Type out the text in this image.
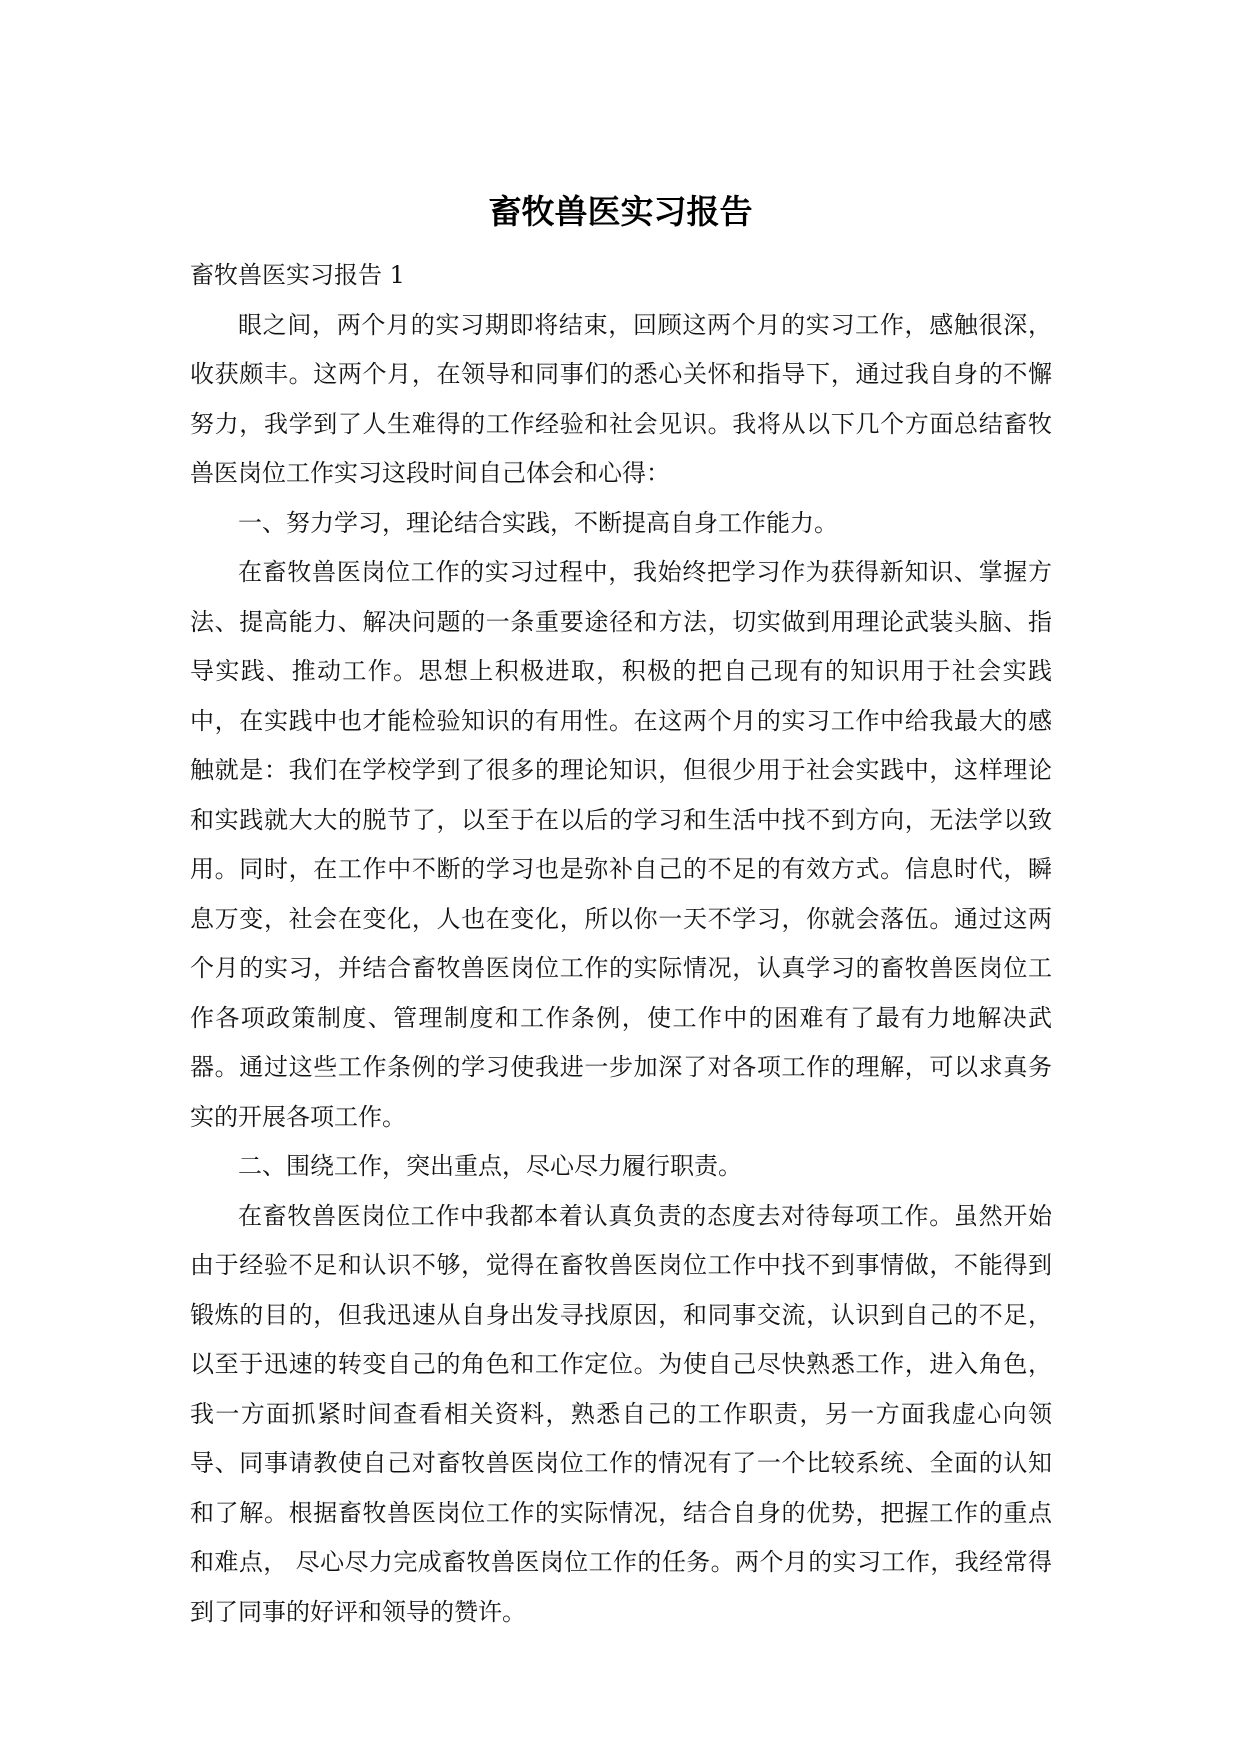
畜牧兽医实习报告

畜牧兽医实习报告 1

眼之间，两个月的实习期即将结束，回顾这两个月的实习工作，感触很深，收获颇丰。这两个月，在领导和同事们的悉心关怀和指导下，通过我自身的不懈努力，我学到了人生难得的工作经验和社会见识。我将从以下几个方面总结畜牧兽医岗位工作实习这段时间自己体会和心得：

一、努力学习，理论结合实践，不断提高自身工作能力。

在畜牧兽医岗位工作的实习过程中，我始终把学习作为获得新知识、掌握方法、提高能力、解决问题的一条重要途径和方法，切实做到用理论武装头脑、指导实践、推动工作。思想上积极进取，积极的把自己现有的知识用于社会实践中，在实践中也才能检验知识的有用性。在这两个月的实习工作中给我最大的感触就是：我们在学校学到了很多的理论知识，但很少用于社会实践中，这样理论和实践就大大的脱节了，以至于在以后的学习和生活中找不到方向，无法学以致用。同时，在工作中不断的学习也是弥补自己的不足的有效方式。信息时代，瞬息万变，社会在变化，人也在变化，所以你一天不学习，你就会落伍。通过这两个月的实习，并结合畜牧兽医岗位工作的实际情况，认真学习的畜牧兽医岗位工作各项政策制度、管理制度和工作条例，使工作中的困难有了最有力地解决武器。通过这些工作条例的学习使我进一步加深了对各项工作的理解，可以求真务实的开展各项工作。

二、围绕工作，突出重点，尽心尽力履行职责。

在畜牧兽医岗位工作中我都本着认真负责的态度去对待每项工作。虽然开始由于经验不足和认识不够，觉得在畜牧兽医岗位工作中找不到事情做，不能得到锻炼的目的，但我迅速从自身出发寻找原因，和同事交流，认识到自己的不足，以至于迅速的转变自己的角色和工作定位。为使自己尽快熟悉工作，进入角色，我一方面抓紧时间查看相关资料，熟悉自己的工作职责，另一方面我虚心向领导、同事请教使自己对畜牧兽医岗位工作的情况有了一个比较系统、全面的认知和了解。根据畜牧兽医岗位工作的实际情况，结合自身的优势，把握工作的重点和难点， 尽心尽力完成畜牧兽医岗位工作的任务。两个月的实习工作，我经常得到了同事的好评和领导的赞许。
